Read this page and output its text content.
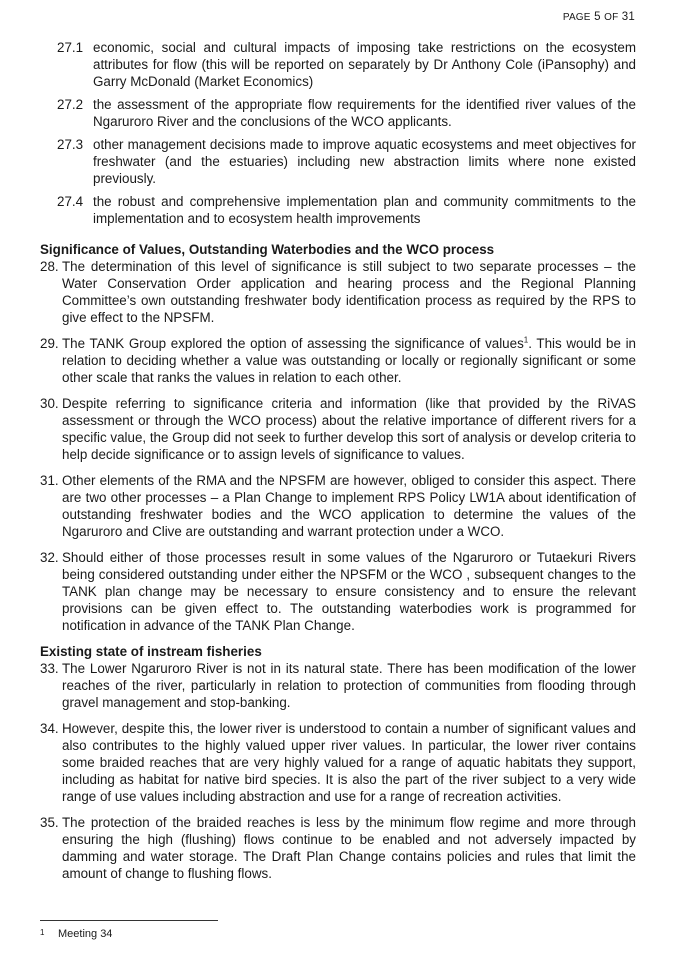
PAGE 5 OF 31
27.1 economic, social and cultural impacts of imposing take restrictions on the ecosystem attributes for flow (this will be reported on separately by Dr Anthony Cole (iPansophy) and Garry McDonald (Market Economics)
27.2 the assessment of the appropriate flow requirements for the identified river values of the Ngaruroro River and the conclusions of the WCO applicants.
27.3 other management decisions made to improve aquatic ecosystems and meet objectives for freshwater (and the estuaries) including new abstraction limits where none existed previously.
27.4 the robust and comprehensive implementation plan and community commitments to the implementation and to ecosystem health improvements
Significance of Values, Outstanding Waterbodies and the WCO process
28. The determination of this level of significance is still subject to two separate processes – the Water Conservation Order application and hearing process and the Regional Planning Committee’s own outstanding freshwater body identification process as required by the RPS to give effect to the NPSFM.
29. The TANK Group explored the option of assessing the significance of values$^1$. This would be in relation to deciding whether a value was outstanding or locally or regionally significant or some other scale that ranks the values in relation to each other.
30. Despite referring to significance criteria and information (like that provided by the RiVAS assessment or through the WCO process) about the relative importance of different rivers for a specific value, the Group did not seek to further develop this sort of analysis or develop criteria to help decide significance or to assign levels of significance to values.
31. Other elements of the RMA and the NPSFM are however, obliged to consider this aspect. There are two other processes – a Plan Change to implement RPS Policy LW1A about identification of outstanding freshwater bodies and the WCO application to determine the values of the Ngaruroro and Clive are outstanding and warrant protection under a WCO.
32. Should either of those processes result in some values of the Ngaruroro or Tutaekuri Rivers being considered outstanding under either the NPSFM or the WCO , subsequent changes to the TANK plan change may be necessary to ensure consistency and to ensure the relevant provisions can be given effect to. The outstanding waterbodies work is programmed for notification in advance of the TANK Plan Change.
Existing state of instream fisheries
33. The Lower Ngaruroro River is not in its natural state. There has been modification of the lower reaches of the river, particularly in relation to protection of communities from flooding through gravel management and stop-banking.
34. However, despite this, the lower river is understood to contain a number of significant values and also contributes to the highly valued upper river values. In particular, the lower river contains some braided reaches that are very highly valued for a range of aquatic habitats they support, including as habitat for native bird species. It is also the part of the river subject to a very wide range of use values including abstraction and use for a range of recreation activities.
35. The protection of the braided reaches is less by the minimum flow regime and more through ensuring the high (flushing) flows continue to be enabled and not adversely impacted by damming and water storage. The Draft Plan Change contains policies and rules that limit the amount of change to flushing flows.
1 Meeting 34
